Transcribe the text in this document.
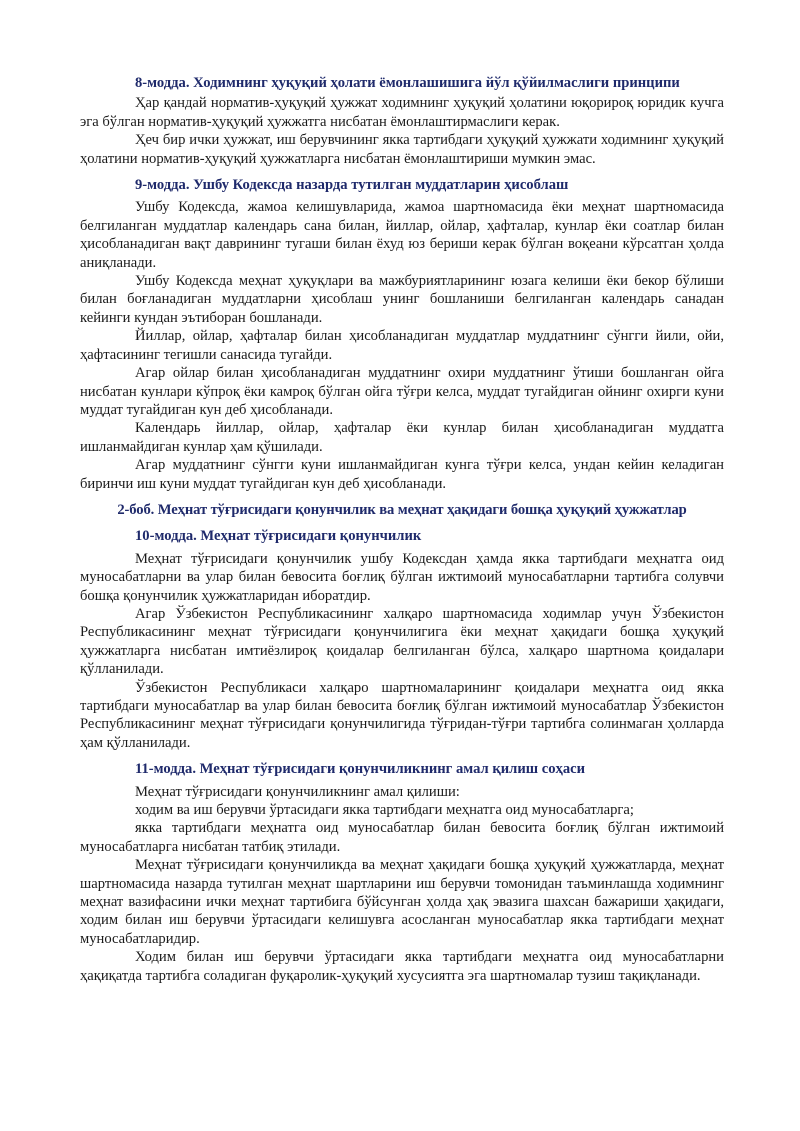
8-модда. Ходимнинг ҳуқуқий ҳолати ёмонлашишига йўл қўйилмаслиги принципи

Ҳар қандай норматив-ҳуқуқий ҳужжат ходимнинг ҳуқуқий ҳолатини юқорироқ юридик кучга эга бўлган норматив-ҳуқуқий ҳужжатга нисбатан ёмонлаштирмаслиги керак.

Ҳеч бир ички ҳужжат, иш берувчининг якка тартибдаги ҳуқуқий ҳужжати ходимнинг ҳуқуқий ҳолатини норматив-ҳуқуқий ҳужжатларга нисбатан ёмонлаштириши мумкин эмас.

9-модда. Ушбу Кодексда назарда тутилган муддатларин ҳисоблаш

Ушбу Кодексда, жамоа келишувларида, жамоа шартномасида ёки меҳнат шартномасида белгиланган муддатлар календарь сана билан, йиллар, ойлар, ҳафталар, кунлар ёки соатлар билан ҳисобланадиган вақт даврининг тугаши билан ёхуд юз бериши керак бўлган воқеани кўрсатган ҳолда аниқланади.

Ушбу Кодексда меҳнат ҳуқуқлари ва мажбуриятларининг юзага келиши ёки бекор бўлиши билан боғланадиган муддатларни ҳисоблаш унинг бошланиши белгиланган календарь санадан кейинги кундан эътиборан бошланади.

Йиллар, ойлар, ҳафталар билан ҳисобланадиган муддатлар муддатнинг сўнгги йили, ойи, ҳафтасининг тегишли санасида тугайди.

Агар ойлар билан ҳисобланадиган муддатнинг охири муддатнинг ўтиши бошланган ойга нисбатан кунлари кўпроқ ёки камроқ бўлган ойга тўғри келса, муддат тугайдиган ойнинг охирги куни муддат тугайдиган кун деб ҳисобланади.

Календарь йиллар, ойлар, ҳафталар ёки кунлар билан ҳисобланадиган муддатга ишланмайдиган кунлар ҳам қўшилади.

Агар муддатнинг сўнгги куни ишланмайдиган кунга тўғри келса, ундан кейин келадиган биринчи иш куни муддат тугайдиган кун деб ҳисобланади.

2-боб. Меҳнат тўғрисидаги қонунчилик ва меҳнат ҳақидаги бошқа ҳуқуқий ҳужжатлар
10-модда. Меҳнат тўғрисидаги қонунчилик

Меҳнат тўғрисидаги қонунчилик ушбу Кодексдан ҳамда якка тартибдаги меҳнатга оид муносабатларни ва улар билан бевосита боғлиқ бўлган ижтимоий муносабатларни тартибга солувчи бошқа қонунчилик ҳужжатларидан иборатдир.

Агар Ўзбекистон Республикасининг халқаро шартномасида ходимлар учун Ўзбекистон Республикасининг меҳнат тўғрисидаги қонунчилигига ёки меҳнат ҳақидаги бошқа ҳуқуқий ҳужжатларга нисбатан имтиёзлироқ қоидалар белгиланган бўлса, халқаро шартнома қоидалари қўлланилади.

Ўзбекистон Республикаси халқаро шартномаларининг қоидалари меҳнатга оид якка тартибдаги муносабатлар ва улар билан бевосита боғлиқ бўлган ижтимоий муносабатлар Ўзбекистон Республикасининг меҳнат тўғрисидаги қонунчилигида тўғридан-тўғри тартибга солинмаган ҳолларда ҳам қўлланилади.

11-модда. Меҳнат тўғрисидаги қонунчиликнинг амал қилиш соҳаси

Меҳнат тўғрисидаги қонунчиликнинг амал қилиши:

ходим ва иш берувчи ўртасидаги якка тартибдаги меҳнатга оид муносабатларга;

якка тартибдаги меҳнатга оид муносабатлар билан бевосита боғлиқ бўлган ижтимоий муносабатларга нисбатан татбиқ этилади.

Меҳнат тўғрисидаги қонунчиликда ва меҳнат ҳақидаги бошқа ҳуқуқий ҳужжатларда, меҳнат шартномасида назарда тутилган меҳнат шартларини иш берувчи томонидан таъминлашда ходимнинг меҳнат вазифасини ички меҳнат тартибига бўйсунган ҳолда ҳақ эвазига шахсан бажариши ҳақидаги, ходим билан иш берувчи ўртасидаги келишувга асосланган муносабатлар якка тартибдаги меҳнат муносабатларидир.

Ходим билан иш берувчи ўртасидаги якка тартибдаги меҳнатга оид муносабатларни ҳақиқатда тартибга соладиган фуқаролик-ҳуқуқий хусусиятга эга шартномалар тузиш тақиқланади.
